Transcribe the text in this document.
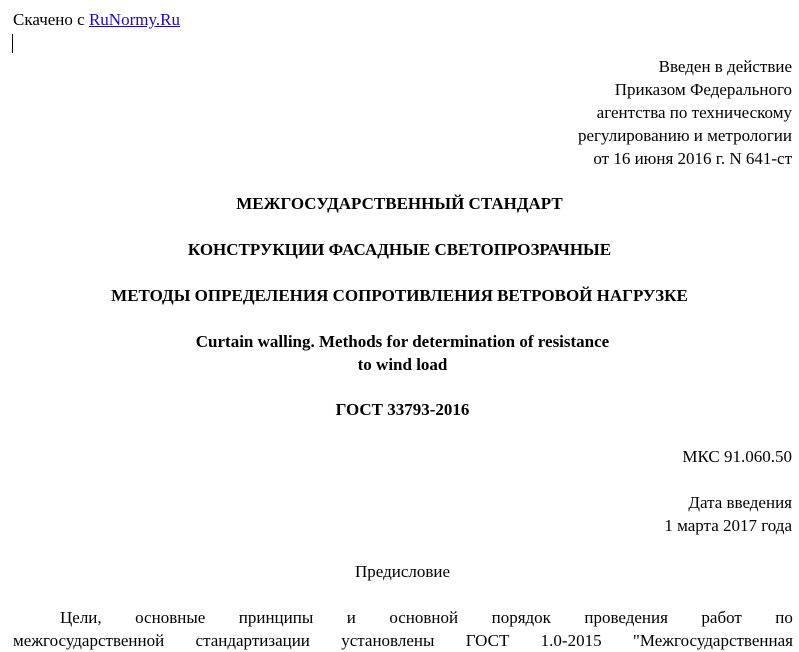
Скачено с RuNormy.Ru
Введен в действие
Приказом Федерального
агентства по техническому
регулированию и метрологии
от 16 июня 2016 г. N 641-ст
МЕЖГОСУДАРСТВЕННЫЙ СТАНДАРТ
КОНСТРУКЦИИ ФАСАДНЫЕ СВЕТОПРОЗРАЧНЫЕ
МЕТОДЫ ОПРЕДЕЛЕНИЯ СОПРОТИВЛЕНИЯ ВЕТРОВОЙ НАГРУЗКЕ
Curtain walling. Methods for determination of resistance
to wind load
ГОСТ 33793-2016
МКС 91.060.50
Дата введения
1 марта 2017 года
Предисловие
Цели, основные принципы и основной порядок проведения работ по
межгосударственной стандартизации установлены ГОСТ 1.0-2015 "Межгосударственная
